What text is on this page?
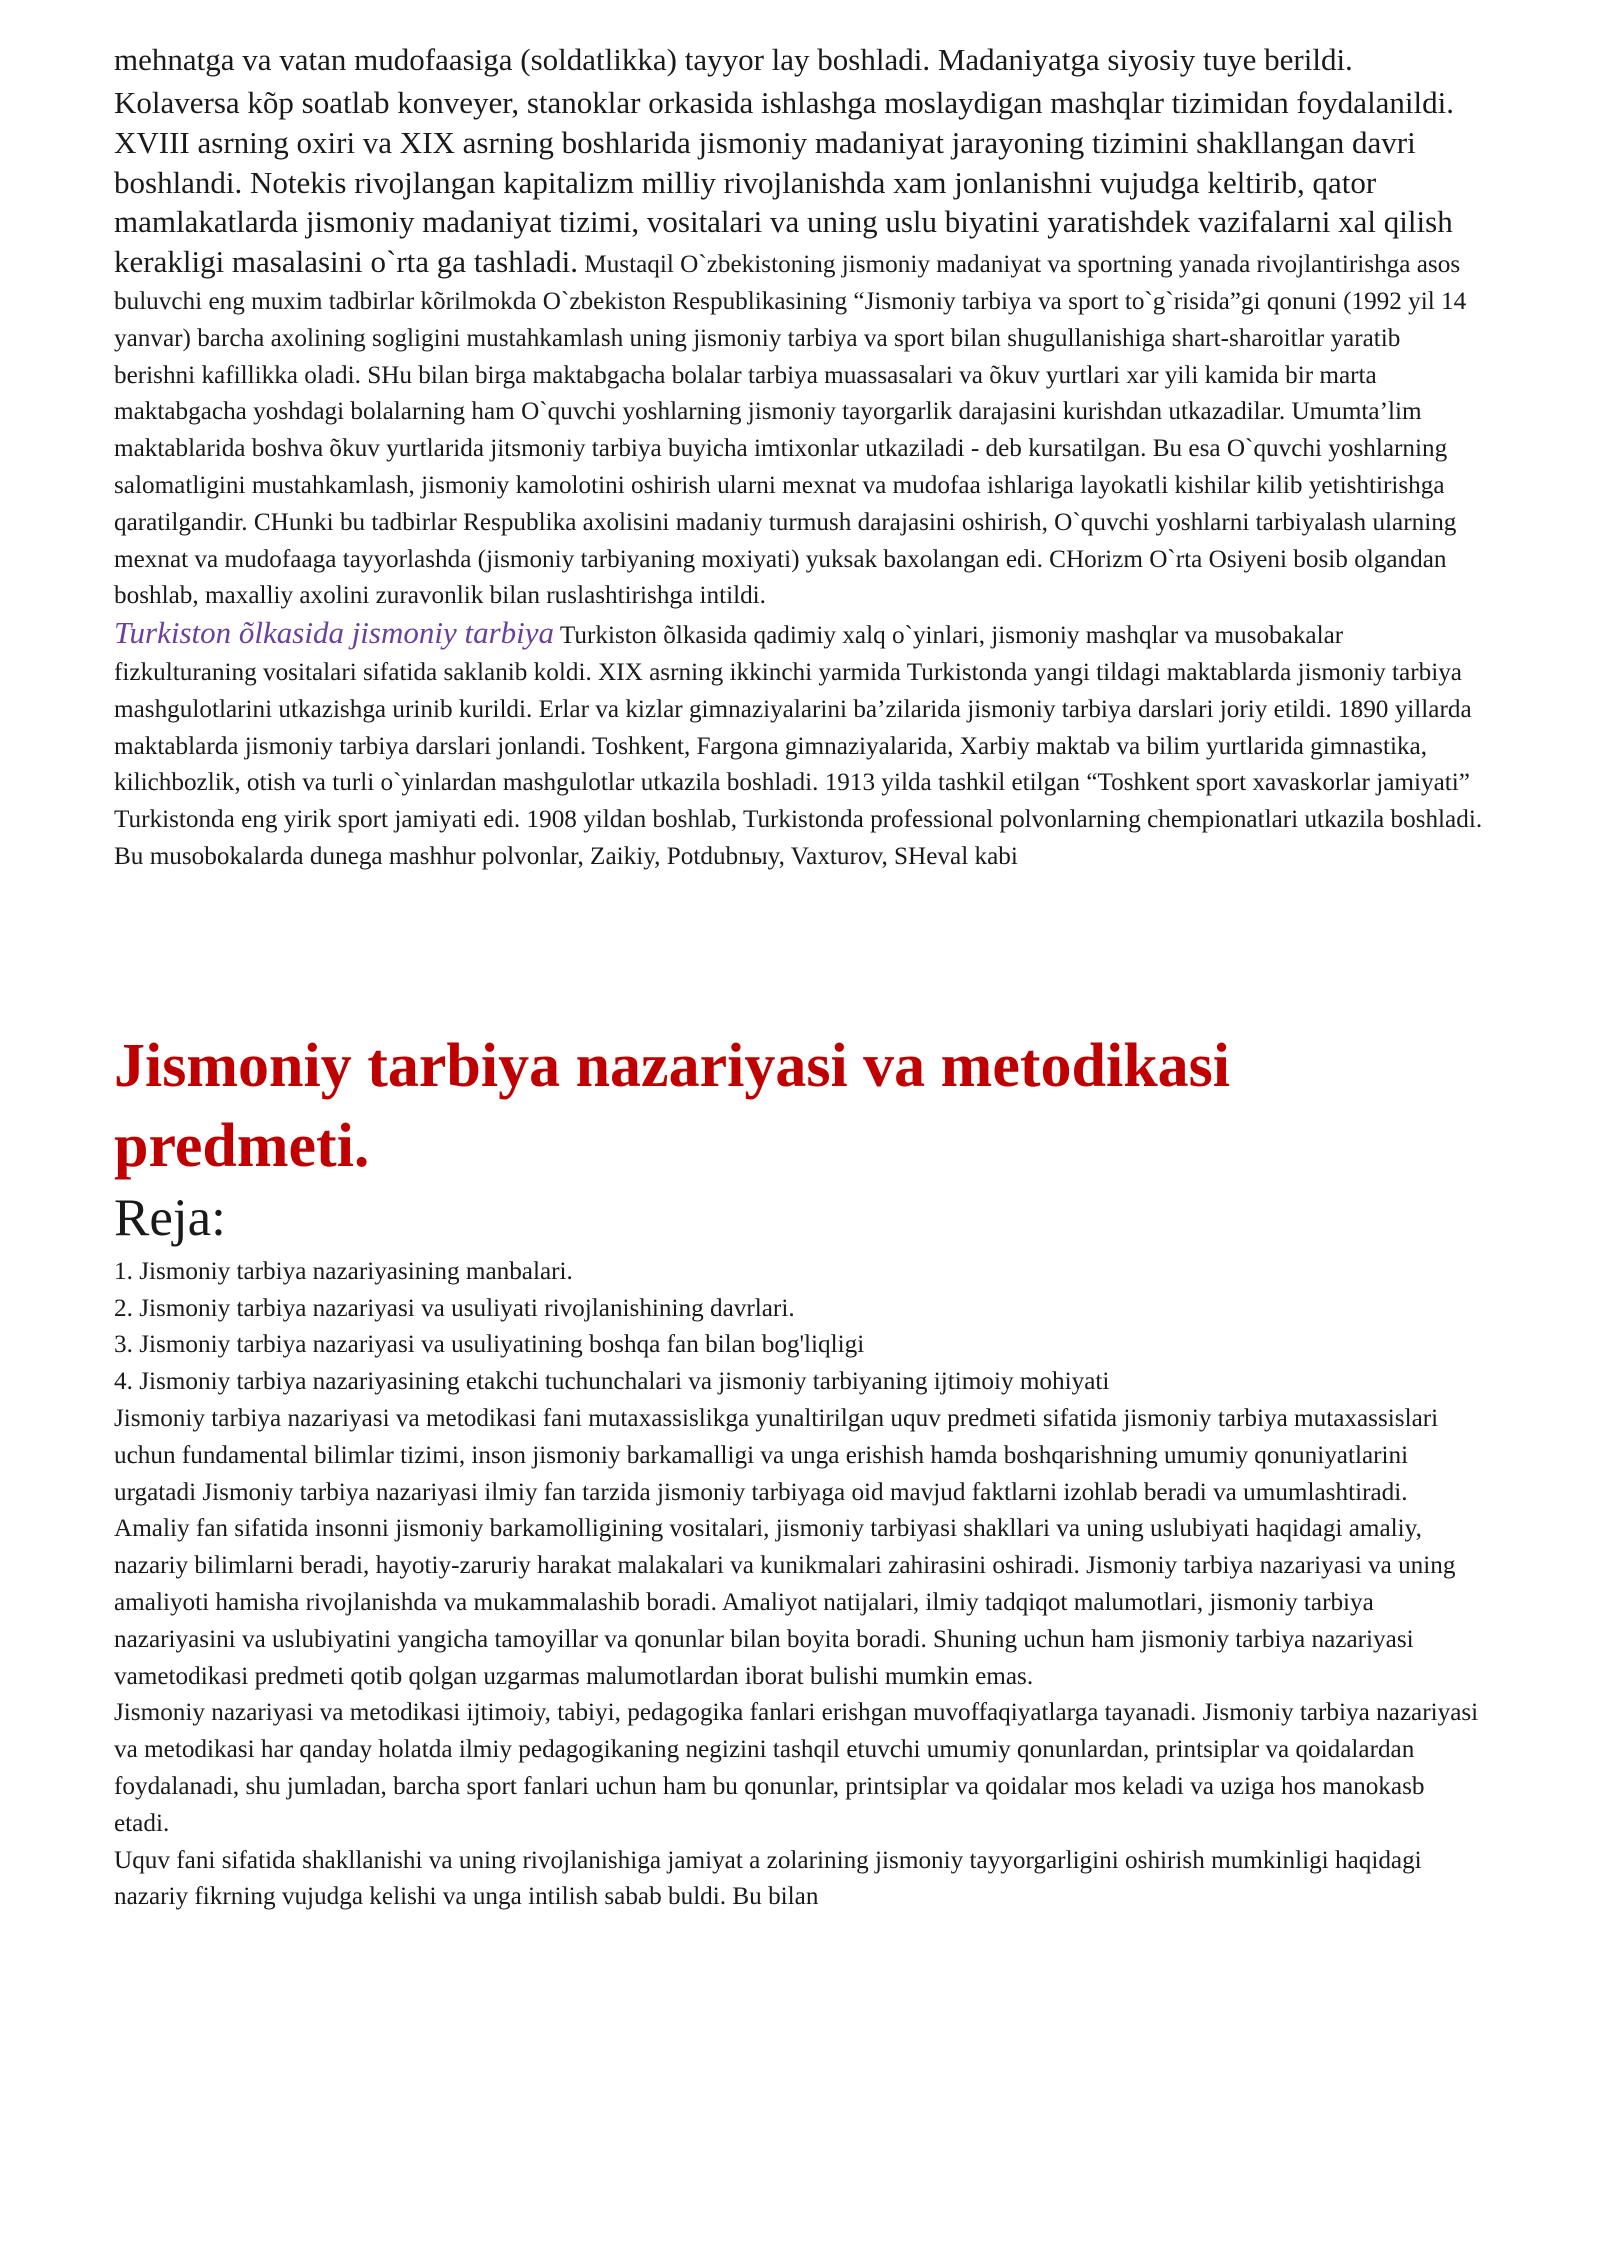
mehnatga va vatan mudofaasiga (soldatlikka) tayyor lay boshladi. Madaniyatga siyosiy tuye berildi. Kolaversa kõp soatlab konveyer, stanoklar orkasida ishlashga moslaydigan mashqlar tizimidan foydalanildi.

XVIII asrning oxiri va XIX asrning boshlarida jismoniy madaniyat jarayoning tizimini shakllangan davri boshlandi. Notekis rivojlangan kapitalizm milliy rivojlanishda xam jonlanishni vujudga keltirib, qator mamlakatlarda jismoniy madaniyat tizimi, vositalari va uning uslu biyatini yaratishdek vazifalarni xal qilish kerakligi masalasini o`rta ga tashladi. Mustaqil O`zbekistoning jismoniy madaniyat va sportning yanada rivojlantirishga asos buluvchi eng muxim tadbirlar kõrilmokda O`zbekiston Respublikasining “Jismoniy tarbiya va sport to`g`risida”gi qonuni (1992 yil 14 yanvar) barcha axolining sogligini mustahkamlash uning jismoniy tarbiya va sport bilan shugullanishiga shart-sharoitlar yaratib berishni kafillikka oladi. SHu bilan birga maktabgacha bolalar tarbiya muassasalari va õkuv yurtlari xar yili kamida bir marta maktabgacha yoshdagi bolalarning ham O`quvchi yoshlarning jismoniy tayorgarlik darajasini kurishdan utkazadilar. Umumta’lim maktablarida boshva õkuv yurtlarida jitsmoniy tarbiya buyicha imtixonlar utkaziladi - deb kursatilgan. Bu esa O`quvchi yoshlarning salomatligini mustahkamlash, jismoniy kamolotini oshirish ularni mexnat va mudofaa ishlariga layokatli kishilar kilib yetishtirishga qaratilgandir. CHunki bu tadbirlar Respublika axolisini madaniy turmush darajasini oshirish, O`quvchi yoshlarni tarbiyalash ularning mexnat va mudofaaga tayyorlashda (jismoniy tarbiyaning moxiyati) yuksak baxolangan edi. CHorizm O`rta Osiyeni bosib olgandan boshlab, maxalliy axolini zuravonlik bilan ruslashtirishga intildi.

Turkiston õlkasida jismoniy tarbiya Turkiston õlkasida qadimiy xalq o`yinlari, jismoniy mashqlar va musobakalar fizkulturaning vositalari sifatida saklanib koldi. XIX asrning ikkinchi yarmida Turkistonda yangi tildagi maktablarda jismoniy tarbiya mashgulotlarini utkazishga urinib kurildi. Erlar va kizlar gimnaziyalarini ba’zilarida jismoniy tarbiya darslari joriy etildi. 1890 yillarda maktablarda jismoniy tarbiya darslari jonlandi. Toshkent, Fargona gimnaziyalarida, Xarbiy maktab va bilim yurtlarida gimnastika, kilichbozlik, otish va turli o`yinlardan mashgulotlar utkazila boshladi. 1913 yilda tashkil etilgan “Toshkent sport xavaskorlar jamiyati” Turkistonda eng yirik sport jamiyati edi. 1908 yildan boshlab, Turkistonda professional polvonlarning chempionatlari utkazila boshladi. Bu musobokalarda dunega mashhur polvonlar, Zaikiy, Potdubnыy, Vaxturov, SHeval kabi

Jismoniy tarbiya nazariyasi va metodikasi predmeti.

Reja:

1. Jismoniy tarbiya nazariyasining manbalari.
2. Jismoniy tarbiya nazariyasi va usuliyati rivojlanishining davrlari.
3. Jismoniy tarbiya nazariyasi va usuliyatining boshqa fan bilan bog'liqligi
4. Jismoniy tarbiya nazariyasining etakchi tuchunchalari va jismoniy tarbiyaning ijtimoiy mohiyati

Jismoniy tarbiya nazariyasi va metodikasi fani mutaxassislikga yunaltirilgan uquv predmeti sifatida jismoniy tarbiya mutaxassislari uchun fundamental bilimlar tizimi, inson jismoniy barkamalligi va unga erishish hamda boshqarishning umumiy qonuniyatlarini urgatadi Jismoniy tarbiya nazariyasi ilmiy fan tarzida jismoniy tarbiyaga oid mavjud faktlarni izohlab beradi va umumlashtiradi. Amaliy fan sifatida insonni jismoniy barkamolligining vositalari, jismoniy tarbiyasi shakllari va uning uslubiyati haqidagi amaliy, nazariy bilimlarni beradi, hayotiy-zaruriy harakat malakalari va kunikmalari zahirasini oshiradi. Jismoniy tarbiya nazariyasi va uning amaliyoti hamisha rivojlanishda va mukammalashib boradi. Amaliyot natijalari, ilmiy tadqiqot malumotlari, jismoniy tarbiya nazariyasini va uslubiyatini yangicha tamoyillar va qonunlar bilan boyita boradi. Shuning uchun ham jismoniy tarbiya nazariyasi vametodikasi predmeti qotib qolgan uzgarmas malumotlardan iborat bulishi mumkin emas.

Jismoniy nazariyasi va metodikasi ijtimoiy, tabiyi, pedagogika fanlari erishgan muvoffaqiyatlarga tayanadi. Jismoniy tarbiya nazariyasi va metodikasi har qanday holatda ilmiy pedagogikaning negizini tashqil etuvchi umumiy qonunlardan, printsiplar va qoidalardan foydalanadi, shu jumladan, barcha sport fanlari uchun ham bu qonunlar, printsiplar va qoidalar mos keladi va uziga hos manokasb etadi.

Uquv fani sifatida shakllanishi va uning rivojlanishiga jamiyat a zolarining jismoniy tayyorgarligini oshirish mumkinligi haqidagi nazariy fikrning vujudga kelishi va unga intilish sabab buldi. Bu bilan
